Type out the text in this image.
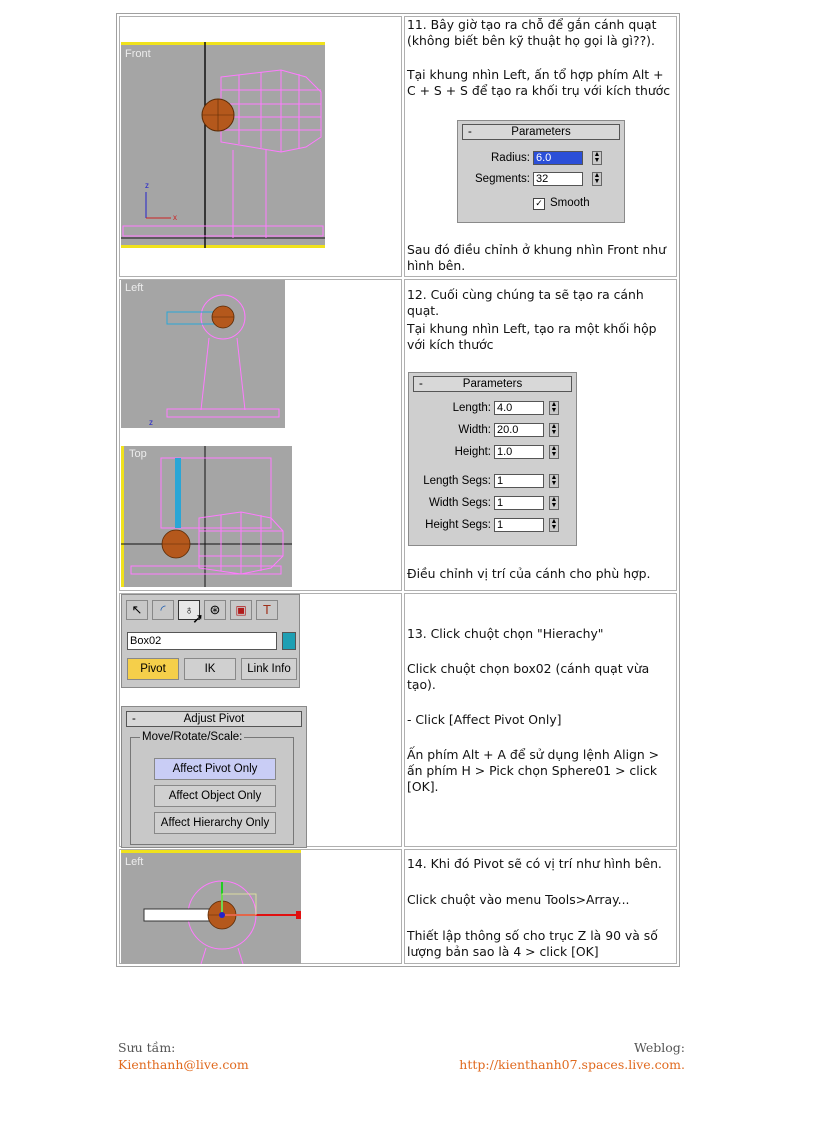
Front
z
x
11. Bây giờ tạo ra chỗ để gắn cánh quạt (không biết bên kỹ thuật họ gọi là gì??).
Tại khung nhìn Left, ấn tổ hợp phím Alt + C + S + S để tạo ra khối trụ với kích thước
-	Parameters
Radius: 6.0	▲
▼
Segments: 32	▲
▼
✓ Smooth
Sau đó điều chỉnh ở khung nhìn Front như hình bên.
Left
z
Top
12. Cuối cùng chúng ta sẽ tạo ra cánh quạt.
Tại khung nhìn Left, tạo ra một khối hộp với kích thước
-	Parameters
Length: 4.0	▲
▼
Width: 20.0	▲
▼
Height: 1.0	▲
▼
Length Segs: 1	▲
▼
Width Segs: 1	▲
▼
Height Segs: 1	▲
▼
Điều chỉnh vị trí của cánh cho phù hợp.
↖	◜	♁	⊛	▣	T
➚
Box02
Pivot	IK	Link Info
-	Adjust Pivot
Move/Rotate/Scale:
Affect Pivot Only
Affect Object Only
Affect Hierarchy Only
13. Click chuột chọn "Hierachy"
Click chuột chọn box02 (cánh quạt vừa tạo).
- Click [Affect Pivot Only]
Ấn phím Alt + A để sử dụng lệnh Align > ấn phím H > Pick chọn Sphere01 > click [OK].
Left	14. Khi đó Pivot sẽ có vị trí như hình bên.
Click chuột vào menu Tools>Array...
Thiết lập thông số cho trục Z là 90 và số lượng bản sao là 4 > click [OK]
Sưu tầm:
Kienthanh@live.com
Weblog:
http://kienthanh07.spaces.live.com.
